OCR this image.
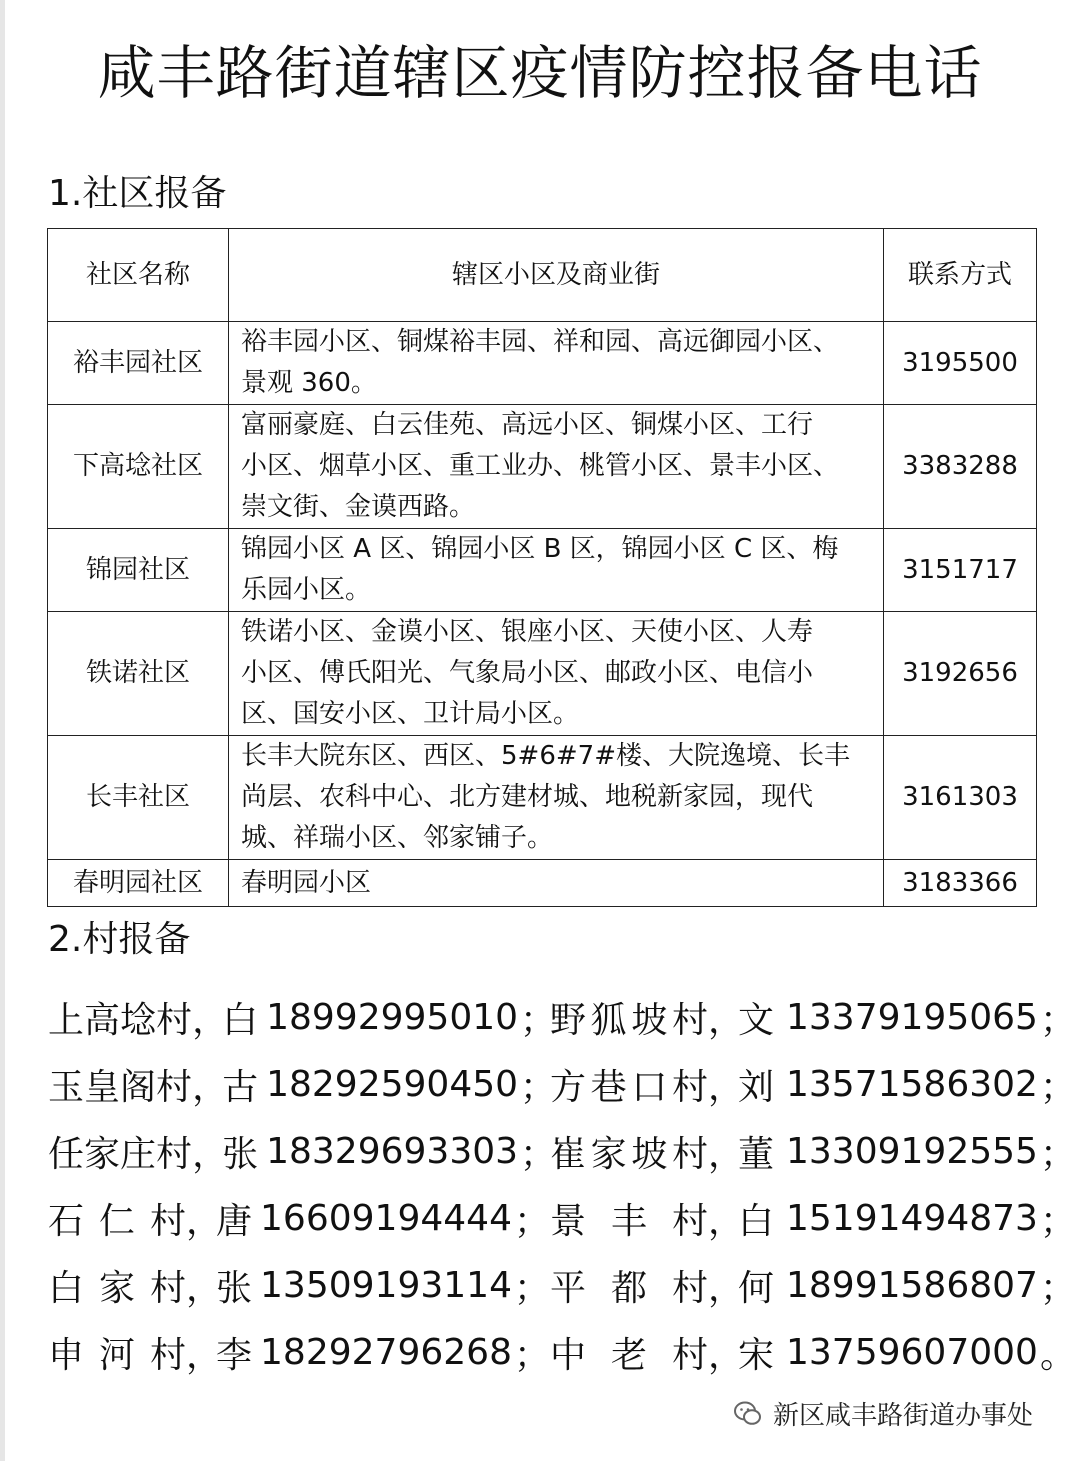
咸丰路街道辖区疫情防控报备电话
1.社区报备
社区名称	辖区小区及商业街	联系方式
裕丰园社区	裕丰园小区、铜煤裕丰园、祥和园、高远御园小区、
景观 360。	3195500
下高埝社区	富丽豪庭、白云佳苑、高远小区、铜煤小区、工行
小区、烟草小区、重工业办、桃管小区、景丰小区、
崇文街、金谟西路。	3383288
锦园社区	锦园小区 A 区、锦园小区 B 区，锦园小区 C 区、梅
乐园小区。	3151717
铁诺社区	铁诺小区、金谟小区、银座小区、天使小区、人寿
小区、傅氏阳光、气象局小区、邮政小区、电信小
区、国安小区、卫计局小区。	3192656
长丰社区	长丰大院东区、西区、5#6#7#楼、大院逸境、长丰
尚层、农科中心、北方建材城、地税新家园，现代
城、祥瑞小区、邻家铺子。	3161303
春明园社区	春明园小区	3183366
2.村报备
上 高 埝 村 ，
白 18992995010 ；
野 狐 坡 村 ，
文 13379195065 ；
玉 皇 阁 村 ，
古 18292590450 ；
方 巷 口 村 ，
刘 13571586302 ；
任 家 庄 村 ，
张 18329693303 ；
崔 家 坡 村 ，
董 13309192555 ；
石 仁 村 ，
唐 16609194444 ； 景 丰 村 ，
白 15191494873 ；
白 家 村 ，
张 13509193114 ； 平 都 村 ，
何 18991586807 ；
申 河 村 ，
李 18292796268 ； 中 老 村 ，
宋 13759607000 。
新区咸丰路街道办事处
